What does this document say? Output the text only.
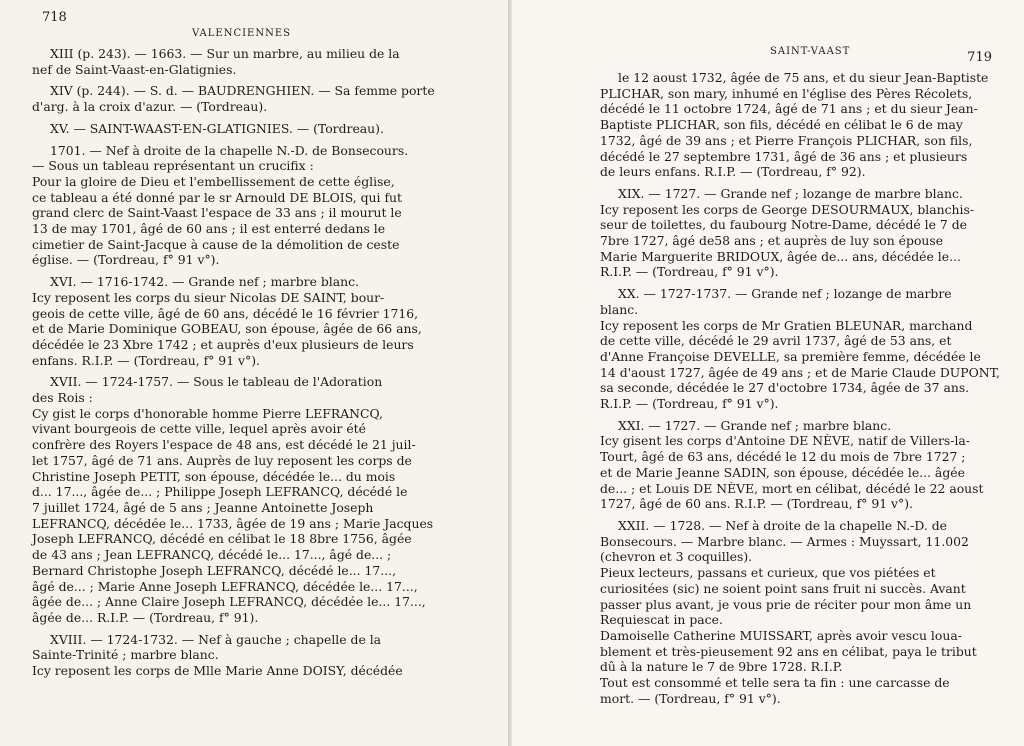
718
VALENCIENNES
XIII (p. 243). — 1663. — Sur un marbre, au milieu de la
nef de Saint-Vaast-en-Glatignies.
XIV (p. 244). — S. d. — BAUDRENGHIEN. — Sa femme porte
d'arg. à la croix d'azur. — (Tordreau).
XV. — SAINT-WAAST-EN-GLATIGNIES. — (Tordreau).
1701. — Nef à droite de la chapelle N.-D. de Bonsecours.
— Sous un tableau représentant un crucifix :
Pour la gloire de Dieu et l'embellissement de cette église,
ce tableau a été donné par le sr Arnould DE BLOIS, qui fut
grand clerc de Saint-Vaast l'espace de 33 ans ; il mourut le
13 de may 1701, âgé de 60 ans ; il est enterré dedans le
cimetier de Saint-Jacque à cause de la démolition de ceste
église. — (Tordreau, f° 91 v°).
XVI. — 1716-1742. — Grande nef ; marbre blanc.
Icy reposent les corps du sieur Nicolas DE SAINT, bour-
geois de cette ville, âgé de 60 ans, décédé le 16 février 1716,
et de Marie Dominique GOBEAU, son épouse, âgée de 66 ans,
décédée le 23 Xbre 1742 ; et auprès d'eux plusieurs de leurs
enfans. R.I.P. — (Tordreau, f° 91 v°).
XVII. — 1724-1757. — Sous le tableau de l'Adoration
des Rois :
Cy gist le corps d'honorable homme Pierre LEFRANCQ,
vivant bourgeois de cette ville, lequel après avoir été
confrère des Royers l'espace de 48 ans, est décédé le 21 juil-
let 1757, âgé de 71 ans. Auprès de luy reposent les corps de
Christine Joseph PETIT, son épouse, décédée le... du mois
d... 17..., âgée de... ; Philippe Joseph LEFRANCQ, décédé le
7 juillet 1724, âgé de 5 ans ; Jeanne Antoinette Joseph
LEFRANCQ, décédée le... 1733, âgée de 19 ans ; Marie Jacques
Joseph LEFRANCQ, décédé en célibat le 18 8bre 1756, âgée
de 43 ans ; Jean LEFRANCQ, décédé le... 17..., âgé de... ;
Bernard Christophe Joseph LEFRANCQ, décédé le... 17...,
âgé de... ; Marie Anne Joseph LEFRANCQ, décédée le... 17...,
âgée de... ; Anne Claire Joseph LEFRANCQ, décédée le... 17...,
âgée de... R.I.P. — (Tordreau, f° 91).
XVIII. — 1724-1732. — Nef à gauche ; chapelle de la
Sainte-Trinité ; marbre blanc.
Icy reposent les corps de Mlle Marie Anne DOISY, décédée
SAINT-VAAST	719
le 12 aoust 1732, âgée de 75 ans, et du sieur Jean-Baptiste
PLICHAR, son mary, inhumé en l'église des Pères Récolets,
décédé le 11 octobre 1724, âgé de 71 ans ; et du sieur Jean-
Baptiste PLICHAR, son fils, décédé en célibat le 6 de may
1732, âgé de 39 ans ; et Pierre François PLICHAR, son fils,
décédé le 27 septembre 1731, âgé de 36 ans ; et plusieurs
de leurs enfans. R.I.P. — (Tordreau, f° 92).
XIX. — 1727. — Grande nef ; lozange de marbre blanc.
Icy reposent les corps de George DESOURMAUX, blanchis-
seur de toilettes, du faubourg Notre-Dame, décédé le 7 de
7bre 1727, âgé de58 ans ; et auprès de luy son épouse
Marie Marguerite BRIDOUX, âgée de... ans, décédée le...
R.I.P. — (Tordreau, f° 91 v°).
XX. — 1727-1737. — Grande nef ; lozange de marbre
blanc.
Icy reposent les corps de Mr Gratien BLEUNAR, marchand
de cette ville, décédé le 29 avril 1737, âgé de 53 ans, et
d'Anne Françoise DEVELLE, sa première femme, décédée le
14 d'aoust 1727, âgée de 49 ans ; et de Marie Claude DUPONT,
sa seconde, décédée le 27 d'octobre 1734, âgée de 37 ans.
R.I.P. — (Tordreau, f° 91 v°).
XXI. — 1727. — Grande nef ; marbre blanc.
Icy gisent les corps d'Antoine DE NÈVE, natif de Villers-la-
Tourt, âgé de 63 ans, décédé le 12 du mois de 7bre 1727 ;
et de Marie Jeanne SADIN, son épouse, décédée le... âgée
de... ; et Louis DE NÈVE, mort en célibat, décédé le 22 aoust
1727, âgé de 60 ans. R.I.P. — (Tordreau, f° 91 v°).
XXII. — 1728. — Nef à droite de la chapelle N.-D. de
Bonsecours. — Marbre blanc. — Armes : Muyssart, 11.002
(chevron et 3 coquilles).
Pieux lecteurs, passans et curieux, que vos piétées et
curiositées (sic) ne soient point sans fruit ni succès. Avant
passer plus avant, je vous prie de réciter pour mon âme un
Requiescat in pace.
Damoiselle Catherine MUISSART, après avoir vescu loua-
blement et très-pieusement 92 ans en célibat, paya le tribut
dû à la nature le 7 de 9bre 1728. R.I.P.
Tout est consommé et telle sera ta fin : une carcasse de
mort. — (Tordreau, f° 91 v°).
